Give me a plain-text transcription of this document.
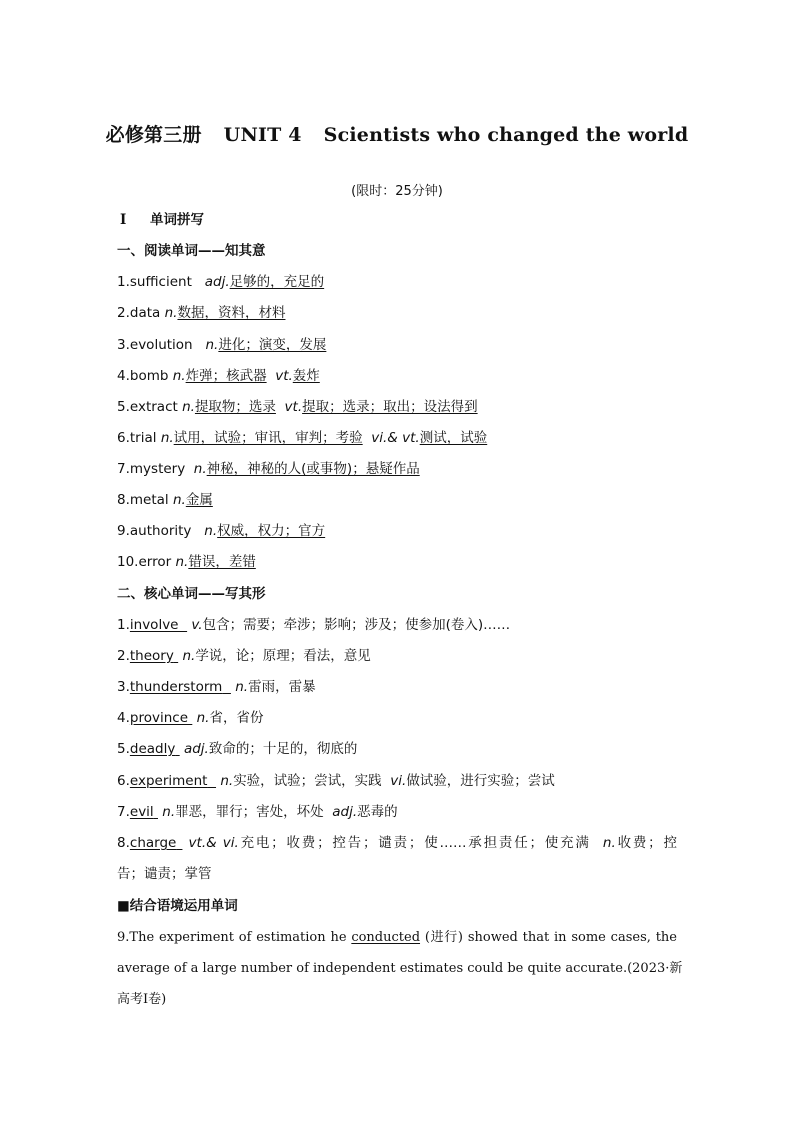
必修第三册 UNIT 4 Scientists who changed the world
(限时：25分钟)
Ⅰ 单词拼写
一、阅读单词——知其意
1.sufficient adj.足够的，充足的
2.data n.数据，资料，材料
3.evolution n.进化；演变，发展
4.bomb n.炸弹；核武器 vt.轰炸
5.extract n.提取物；选录 vt.提取；选录；取出；设法得到
6.trial n.试用，试验；审讯，审判；考验 vi.& vt.测试，试验
7.mystery n.神秘，神秘的人(或事物)；悬疑作品
8.metal n.金属
9.authority n.权威，权力；官方
10.error n.错误，差错
二、核心单词——写其形
1.involve v.包含；需要；牵涉；影响；涉及；使参加(卷入)……
2.theory n.学说，论；原理；看法，意见
3.thunderstorm n.雷雨，雷暴
4.province n.省，省份
5.deadly adj.致命的；十足的，彻底的
6.experiment n.实验，试验；尝试，实践 vi.做试验，进行实验；尝试
7.evil n.罪恶，罪行；害处，坏处 adj.恶毒的
8.charge vt.& vi.充电；收费；控告；谴责；使……承担责任；使充满 n.收费；控
告；谴责；掌管
■结合语境运用单词
9.The experiment of estimation he conducted (进行) showed that in some cases, the
average of a large number of independent estimates could be quite accurate.(2023·新
高考Ⅰ卷)
